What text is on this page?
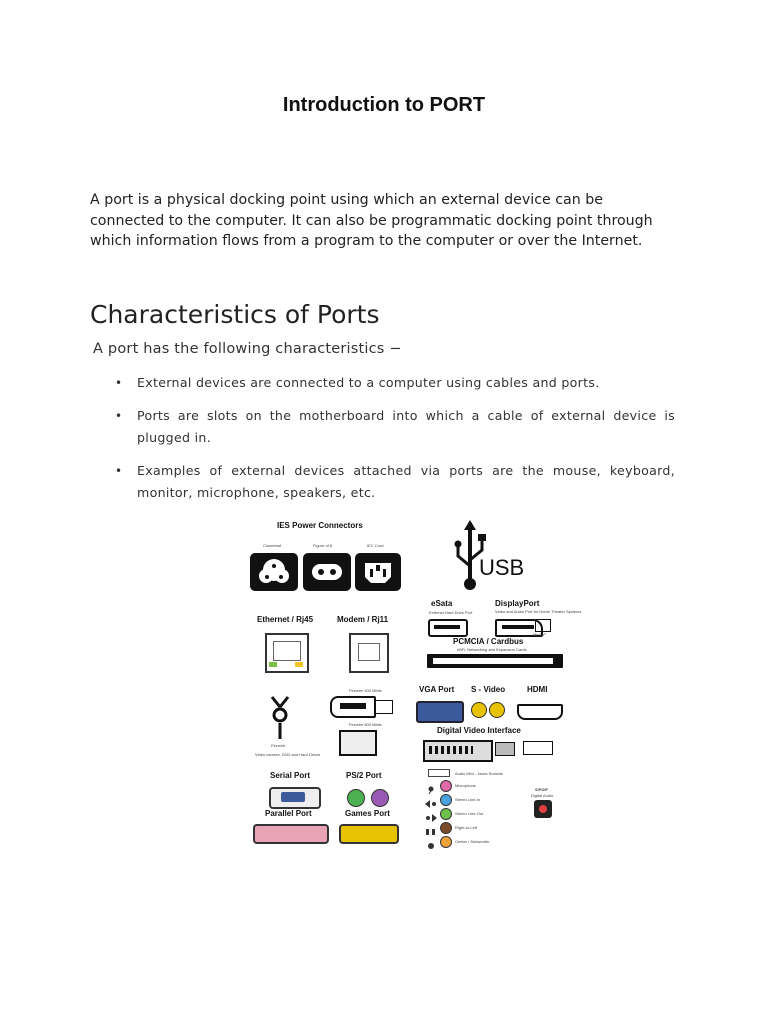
Introduction to PORT

A port is a physical docking point using which an external device can be connected to the computer. It can also be programmatic docking point through which information flows from a program to the computer or over the Internet.

Characteristics of Ports
A port has the following characteristics −
• External devices are connected to a computer using cables and ports.
• Ports are slots on the motherboard into which a cable of external device is plugged in.
• Examples of external devices attached via ports are the mouse, keyboard, monitor, microphone, speakers, etc.
IES Power Connectors
Cloverleaf	Figure of 8	IEC Cord
USB
eSata
External Hard Drive Port
DisplayPort
Video and Audio Port for Home Theater Systems
MiniDP
PCMCIA / Cardbus
WiFi, Networking and Expansion Cards
Ethernet / Rj45	Modem / Rj11
Firewire
Video camera, DVD and Hard Drives
Firewire 400 Mbits
Firewire 800 Mbits
VGA Port S - Video	HDMI
Digital Video Interface
Serial Port	PS/2 Port
Parallel Port	Games Port
Audio Mini - Jacks Sockets
Microphone
Stereo Line-In
Stereo Line-Out
Right-to-Left
Center / Subwoofer
S/PDIF
Digital Audio
